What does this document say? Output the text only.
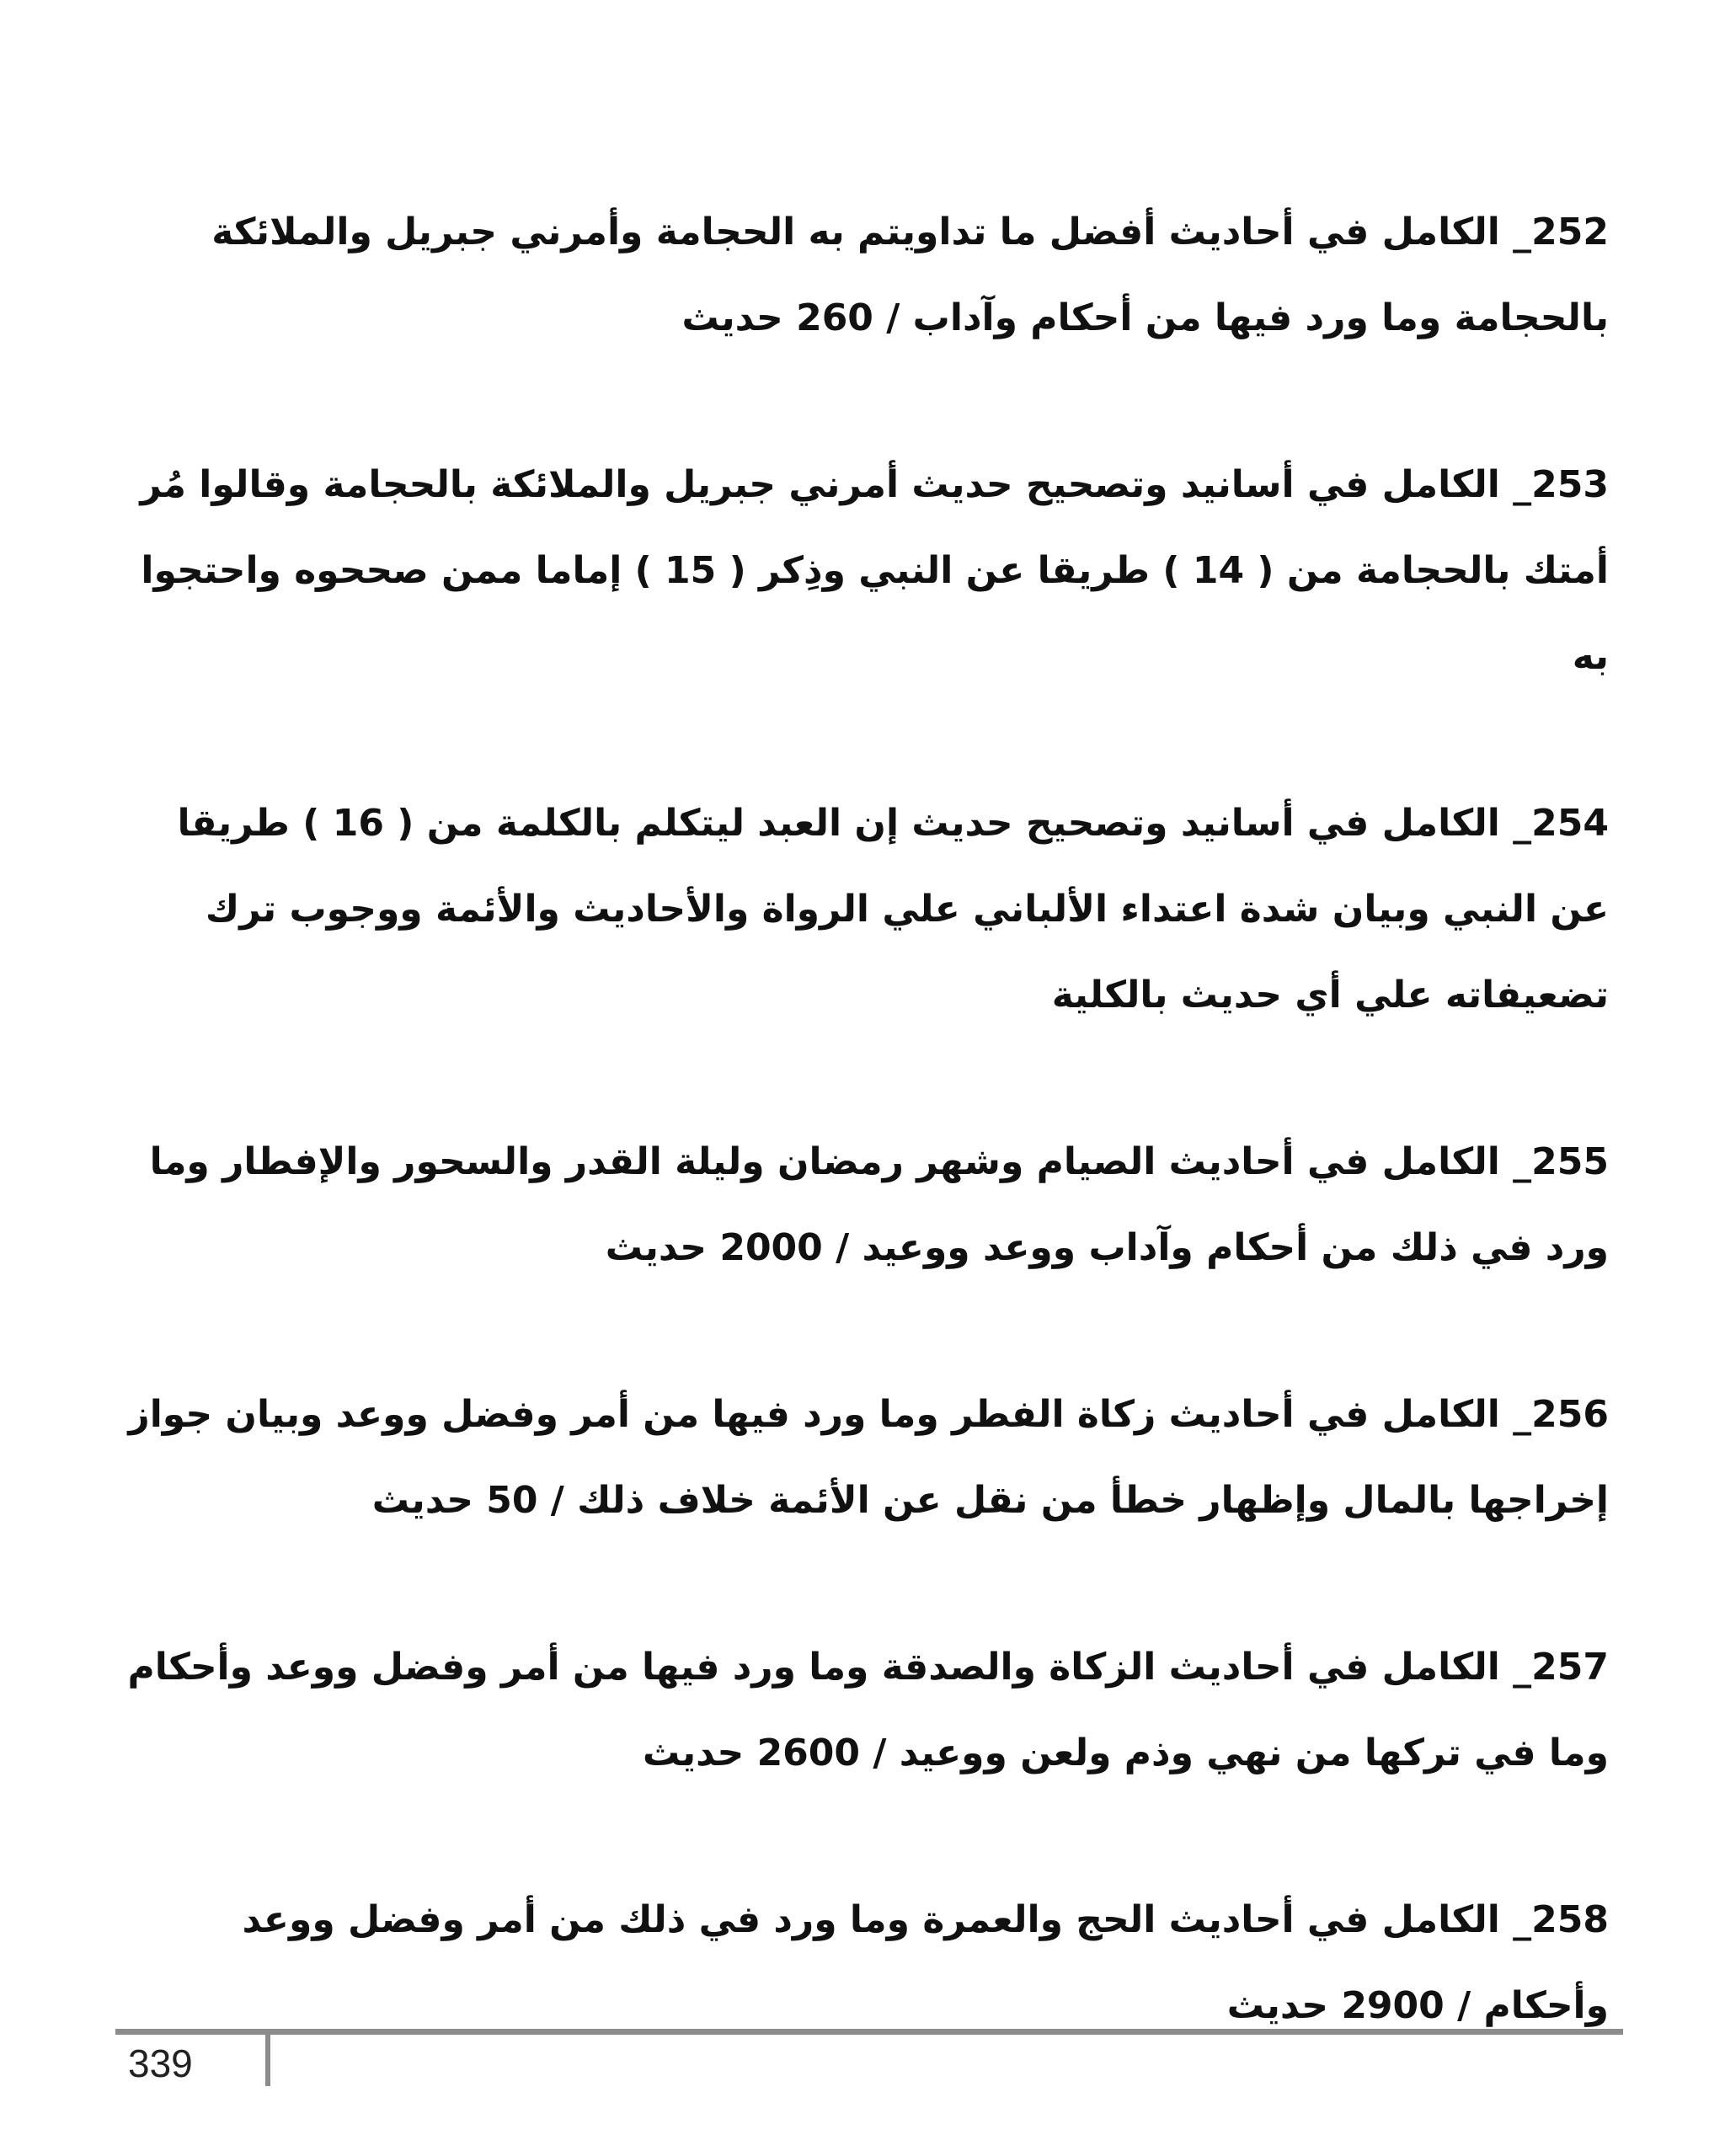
252_ الكامل في أحاديث أفضل ما تداويتم به الحجامة وأمرني جبريل والملائكة بالحجامة وما ورد فيها من أحكام وآداب / 260 حديث

253_ الكامل في أسانيد وتصحيح حديث أمرني جبريل والملائكة بالحجامة وقالوا مُر أمتك بالحجامة من ( 14 ) طريقا عن النبي وذِكر ( 15 ) إماما ممن صححوه واحتجوا به

254_ الكامل في أسانيد وتصحيح حديث إن العبد ليتكلم بالكلمة من ( 16 ) طريقا عن النبي وبيان شدة اعتداء الألباني علي الرواة والأحاديث والأئمة ووجوب ترك تضعيفاته علي أي حديث بالكلية

255_ الكامل في أحاديث الصيام وشهر رمضان وليلة القدر والسحور والإفطار وما ورد في ذلك من أحكام وآداب ووعد ووعيد / 2000 حديث

256_ الكامل في أحاديث زكاة الفطر وما ورد فيها من أمر وفضل ووعد وبيان جواز إخراجها بالمال وإظهار خطأ من نقل عن الأئمة خلاف ذلك / 50 حديث

257_ الكامل في أحاديث الزكاة والصدقة وما ورد فيها من أمر وفضل ووعد وأحكام وما في تركها من نهي وذم ولعن ووعيد / 2600 حديث

258_ الكامل في أحاديث الحج والعمرة وما ورد في ذلك من أمر وفضل ووعد وأحكام / 2900 حديث

339
